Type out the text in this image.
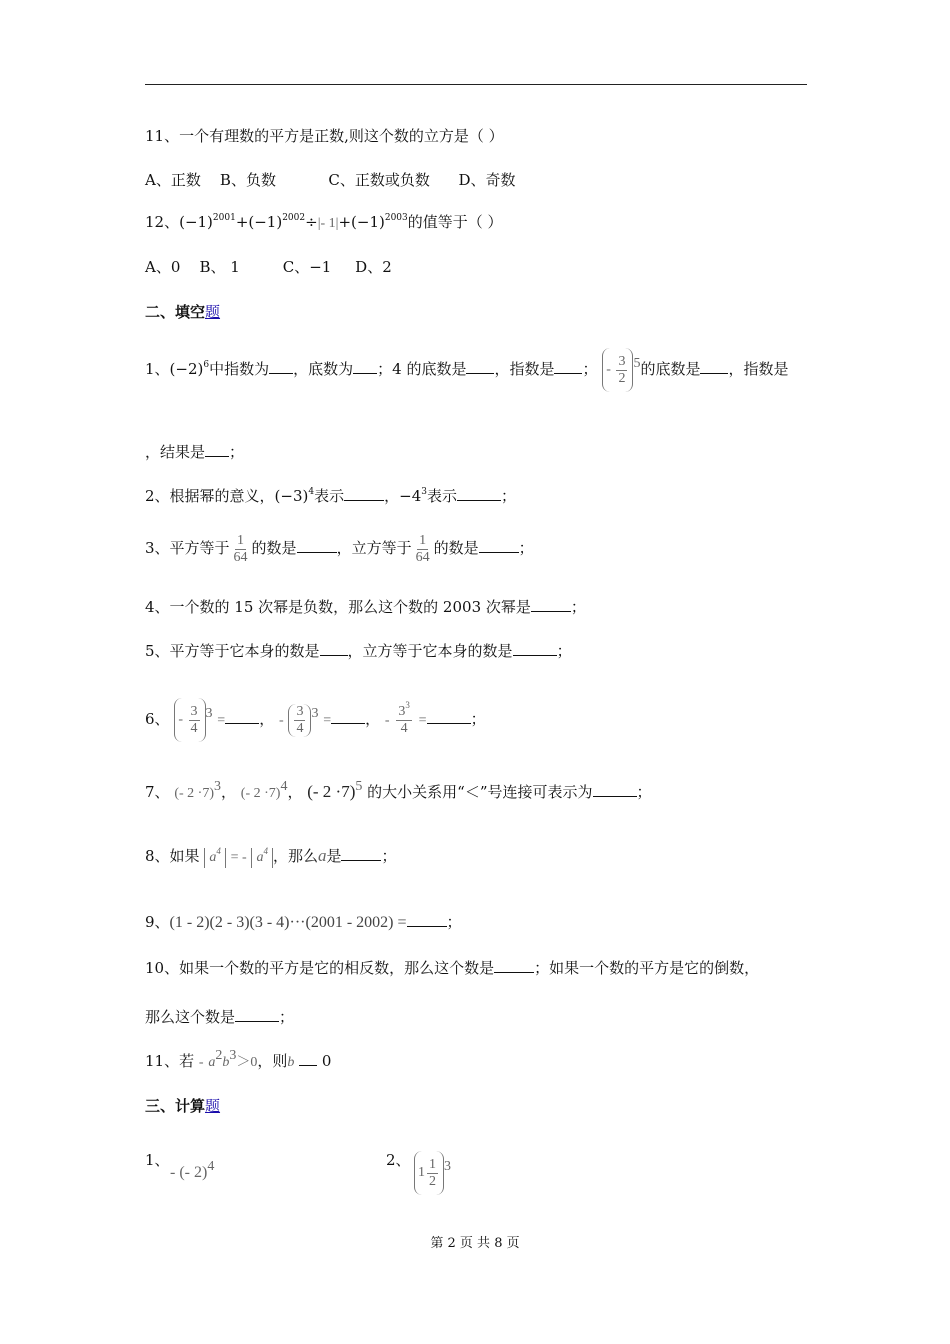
11、一个有理数的平方是正数,则这个数的立方是（ ）
A、正数 B、负数	C、正数或负数 D、奇数
12、$(-1)^{2001}+(-1)^{2002}\div|-$ $1|+(-1)^{2003}$的值等于（ ）
A、0 B、 1	C、−1 D、2
二、填空题
1、$(-2)^6$中指数为 ，底数为 ；4 的底数是 ，指数是 ； -
$\frac{3}{2} ^5$的底数是 ，指数是
，结果是 ；
2、根据幂的意义，$(-3)^4$表示	，$-4^3$表示	；
3、平方等于 $\frac{1}{64}$ 的数是	，立方等于 $\frac{1}{64}$ 的数是	；
4、一个数的 15 次幂是负数，那么这个数的 2003 次幂是	；
5、平方等于它本身的数是 ，立方等于它本身的数是	；
6、 -
$\frac{3}{4} ^3$ = ， - $\frac{3}{4} ^3$ = ， - $\frac{3^3}{4}$ =	；
7、 (- 2 ·7)$^3$， (- 2 ·7)$^4$， (- 2 ·7)$^5$ 的大小关系用“＜”号连接可表示为	；
8、如果 $a^4$ = - $a^4$ ，那么a是	；
9、(1 - 2)(2 - 3)(3 - 4)···(2001 - 2002) =	；
10、如果一个数的平方是它的相反数，那么这个数是	；如果一个数的平方是它的倒数，
那么这个数是	；
11、若 - $a^2b^3>0$，则b 0
三、计算题
1、
- (- 2)$^4$	2、
$1 \frac{1}{2} ^3$
第 2 页 共 8 页
